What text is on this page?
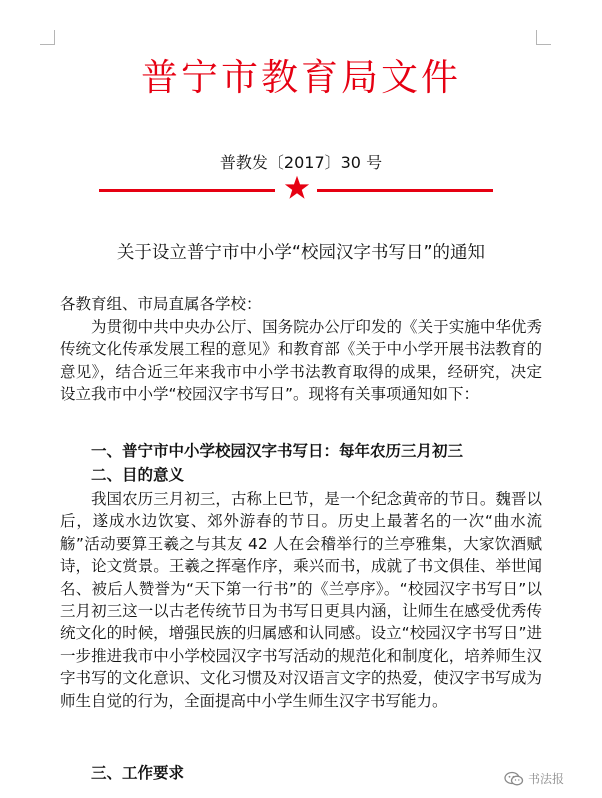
普宁市教育局文件
普教发〔2017〕30 号
关于设立普宁市中小学“校园汉字书写日”的通知
各教育组、市局直属各学校：

为贯彻中共中央办公厅、国务院办公厅印发的《关于实施中华优秀传统文化传承发展工程的意见》和教育部《关于中小学开展书法教育的意见》，结合近三年来我市中小学书法教育取得的成果，经研究，决定设立我市中小学“校园汉字书写日”。现将有关事项通知如下：

一、普宁市中小学校园汉字书写日：每年农历三月初三
二、目的意义

我国农历三月初三，古称上巳节，是一个纪念黄帝的节日。魏晋以后，遂成水边饮宴、郊外游春的节日。历史上最著名的一次“曲水流觞”活动要算王羲之与其友 42 人在会稽举行的兰亭雅集，大家饮酒赋诗，论文赏景。王羲之挥毫作序，乘兴而书，成就了书文俱佳、举世闻名、被后人赞誉为“天下第一行书”的《兰亭序》。“校园汉字书写日”以三月初三这一以古老传统节日为书写日更具内涵，让师生在感受优秀传统文化的时候，增强民族的归属感和认同感。设立“校园汉字书写日”进一步推进我市中小学校园汉字书写活动的规范化和制度化，培养师生汉字书写的文化意识、文化习惯及对汉语言文字的热爱，使汉字书写成为师生自觉的行为，全面提高中小学生师生汉字书写能力。

三、工作要求	书法报
